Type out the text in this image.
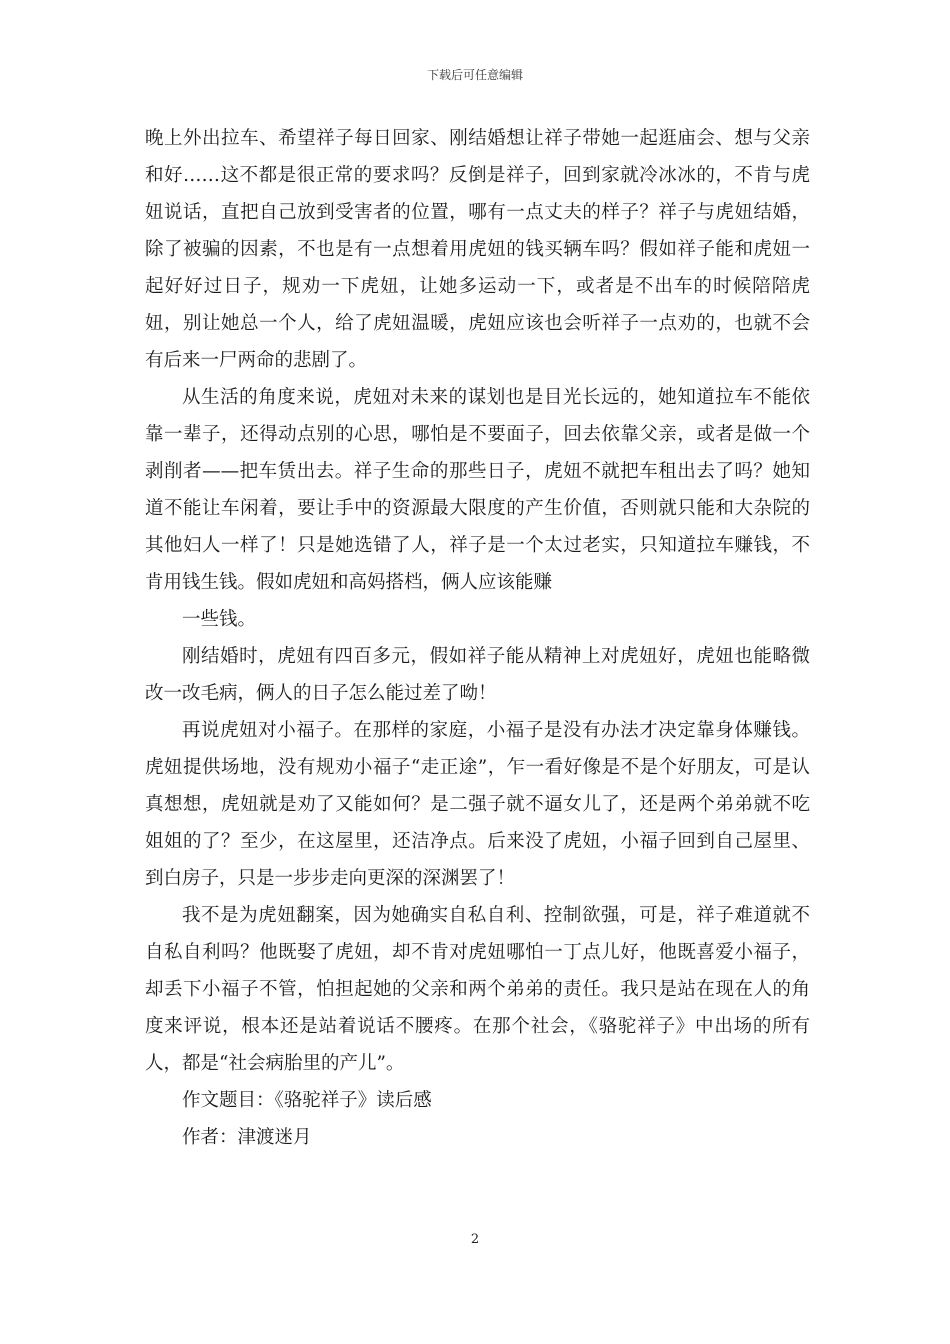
下载后可任意编辑

晚上外出拉车、希望祥子每日回家、刚结婚想让祥子带她一起逛庙会、想与父亲和好……这不都是很正常的要求吗？反倒是祥子，回到家就冷冰冰的，不肯与虎妞说话，直把自己放到受害者的位置，哪有一点丈夫的样子？祥子与虎妞结婚，除了被骗的因素，不也是有一点想着用虎妞的钱买辆车吗？假如祥子能和虎妞一起好好过日子，规劝一下虎妞，让她多运动一下，或者是不出车的时候陪陪虎妞，别让她总一个人，给了虎妞温暖，虎妞应该也会听祥子一点劝的，也就不会有后来一尸两命的悲剧了。

从生活的角度来说，虎妞对未来的谋划也是目光长远的，她知道拉车不能依靠一辈子，还得动点别的心思，哪怕是不要面子，回去依靠父亲，或者是做一个剥削者——把车赁出去。祥子生命的那些日子，虎妞不就把车租出去了吗？她知道不能让车闲着，要让手中的资源最大限度的产生价值，否则就只能和大杂院的其他妇人一样了！只是她选错了人，祥子是一个太过老实，只知道拉车赚钱，不肯用钱生钱。假如虎妞和高妈搭档，俩人应该能赚

一些钱。

刚结婚时，虎妞有四百多元，假如祥子能从精神上对虎妞好，虎妞也能略微改一改毛病，俩人的日子怎么能过差了呦！

再说虎妞对小福子。在那样的家庭，小福子是没有办法才决定靠身体赚钱。虎妞提供场地，没有规劝小福子“走正途”，乍一看好像是不是个好朋友，可是认真想想，虎妞就是劝了又能如何？是二强子就不逼女儿了，还是两个弟弟就不吃姐姐的了？至少，在这屋里，还洁净点。后来没了虎妞，小福子回到自己屋里、到白房子，只是一步步走向更深的深渊罢了！

我不是为虎妞翻案，因为她确实自私自利、控制欲强，可是，祥子难道就不自私自利吗？他既娶了虎妞，却不肯对虎妞哪怕一丁点儿好，他既喜爱小福子，却丢下小福子不管，怕担起她的父亲和两个弟弟的责任。我只是站在现在人的角度来评说，根本还是站着说话不腰疼。在那个社会，《骆驼祥子》中出场的所有人，都是“社会病胎里的产儿”。

作文题目：《骆驼祥子》读后感

作者：津渡迷月

2
